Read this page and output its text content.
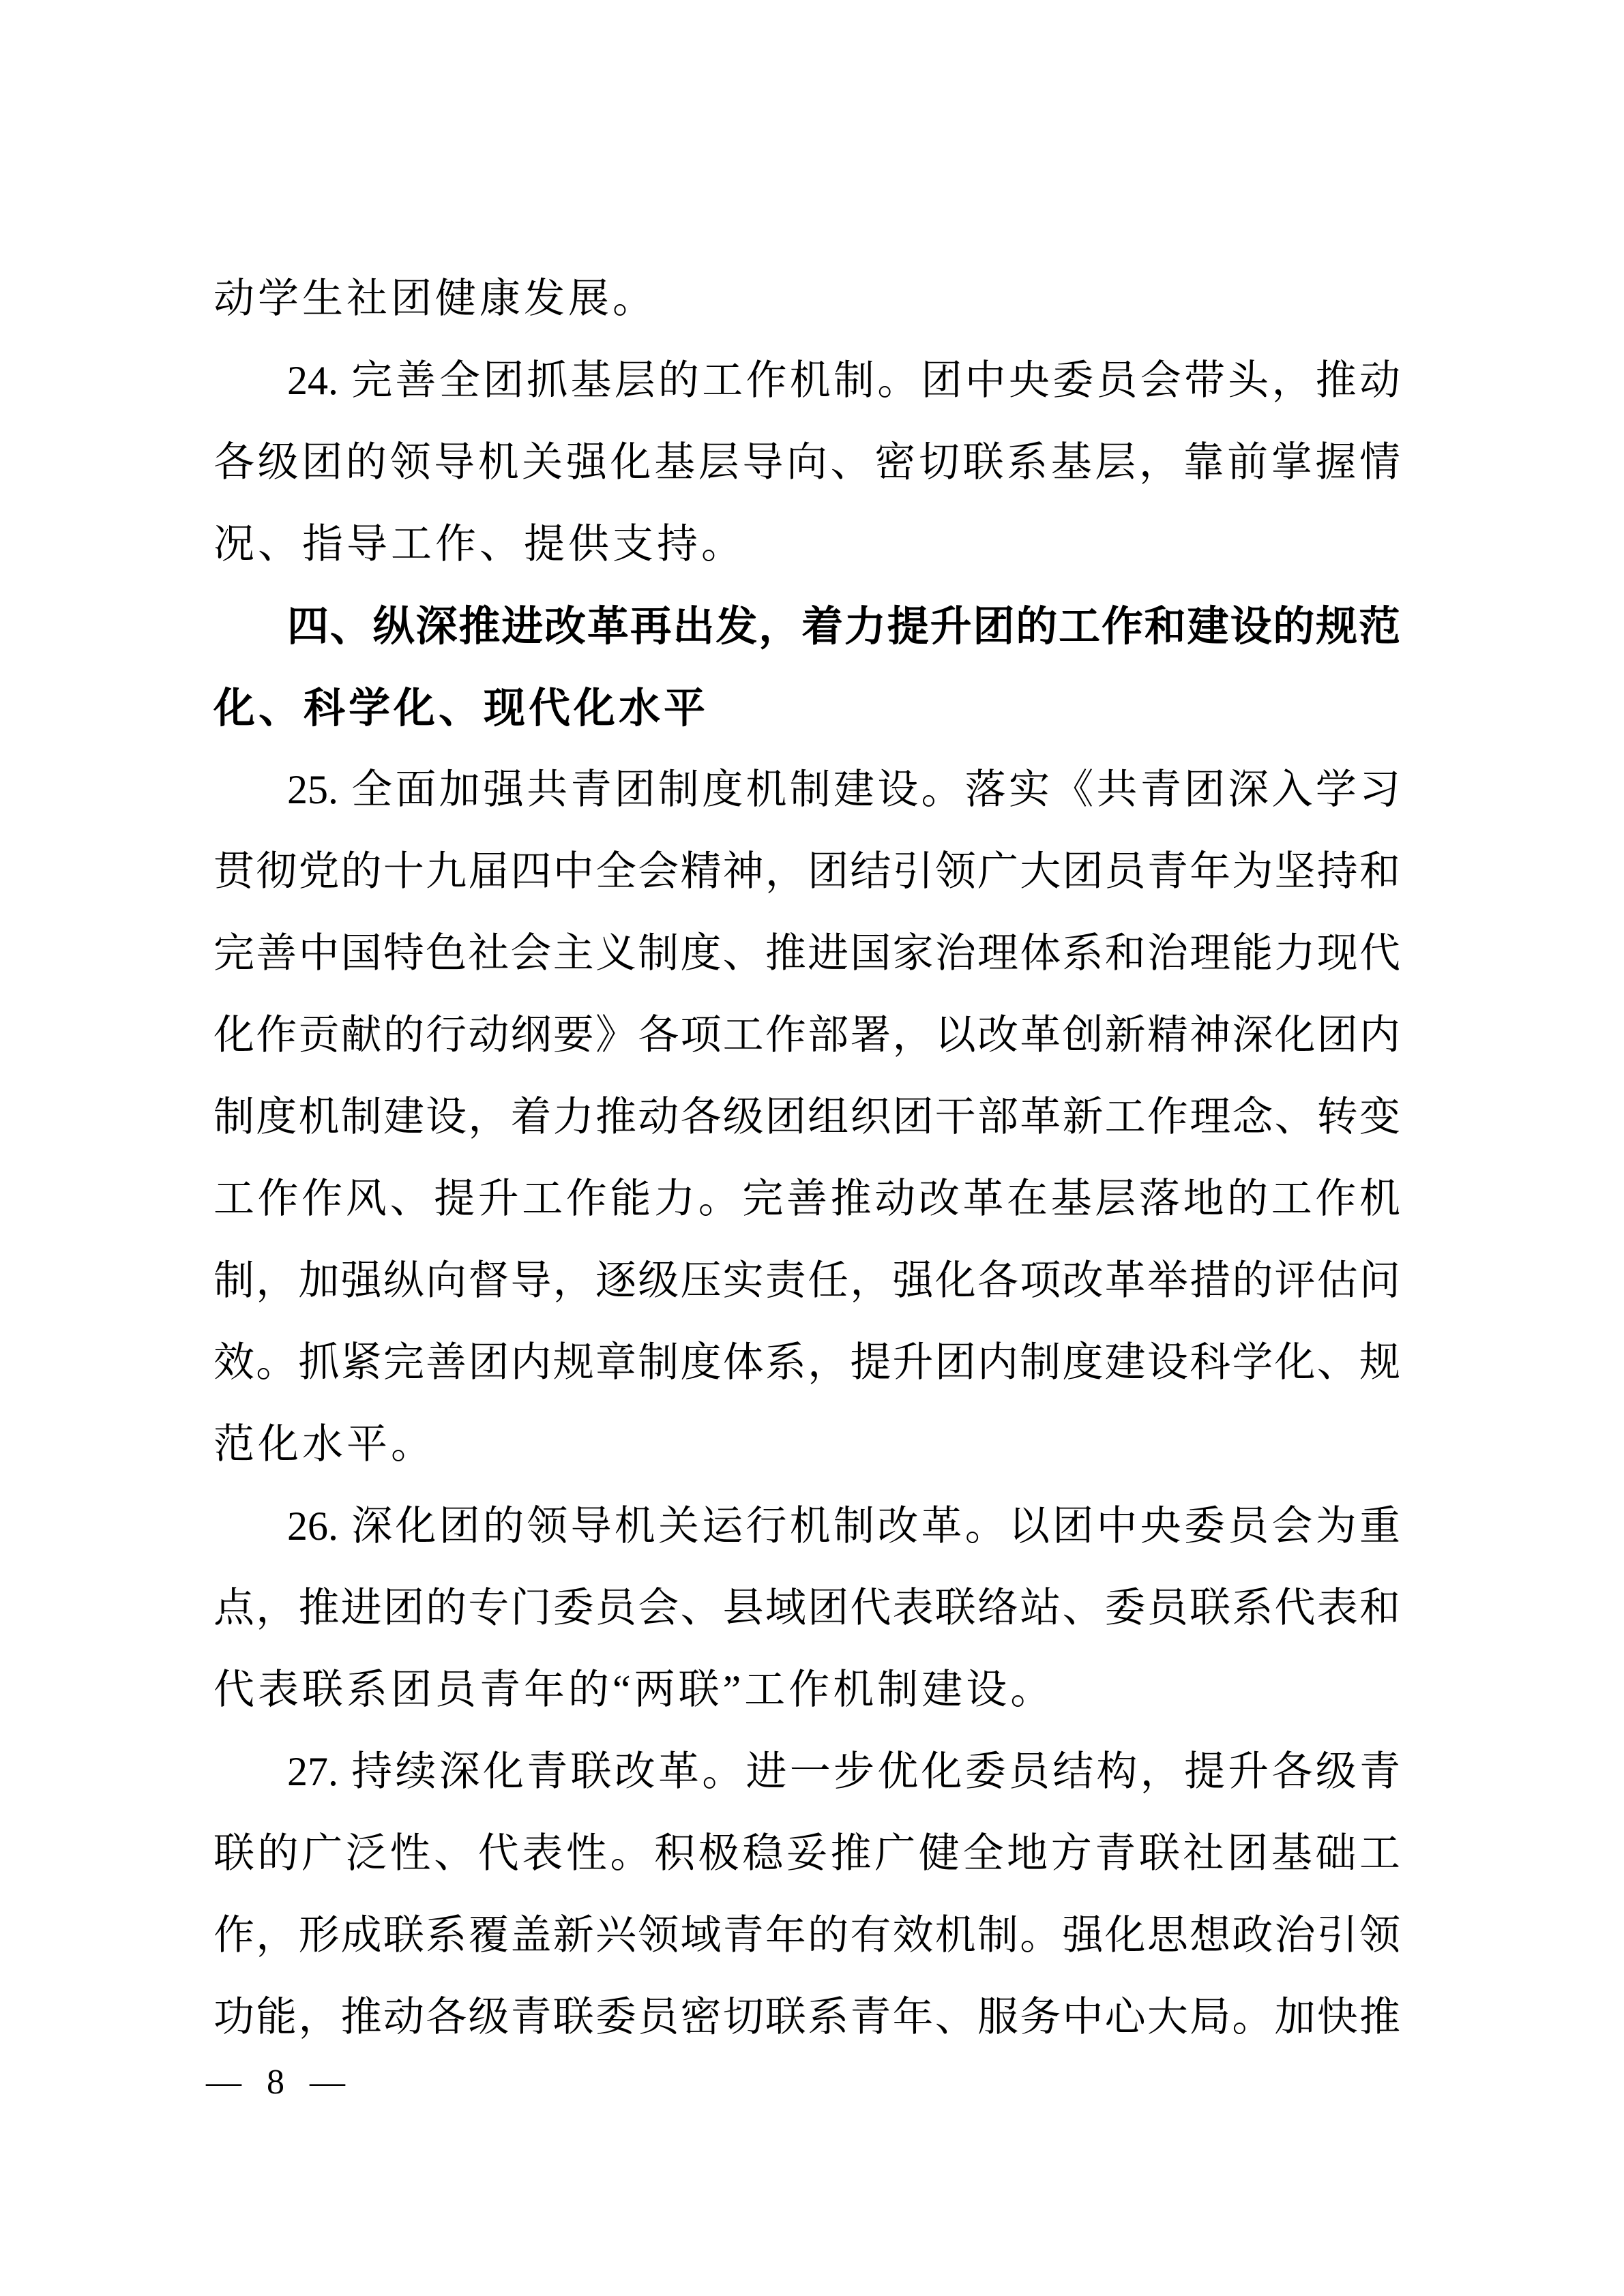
动学生社团健康发展。
24. 完善全团抓基层的工作机制。团中央委员会带头，推动
各级团的领导机关强化基层导向、密切联系基层，靠前掌握情
况、指导工作、提供支持。
四、纵深推进改革再出发，着力提升团的工作和建设的规范
化、科学化、现代化水平
25. 全面加强共青团制度机制建设。落实《共青团深入学习
贯彻党的十九届四中全会精神，团结引领广大团员青年为坚持和
完善中国特色社会主义制度、推进国家治理体系和治理能力现代
化作贡献的行动纲要》各项工作部署，以改革创新精神深化团内
制度机制建设，着力推动各级团组织团干部革新工作理念、转变
工作作风、提升工作能力。完善推动改革在基层落地的工作机
制，加强纵向督导，逐级压实责任，强化各项改革举措的评估问
效。抓紧完善团内规章制度体系，提升团内制度建设科学化、规
范化水平。
26. 深化团的领导机关运行机制改革。以团中央委员会为重
点，推进团的专门委员会、县域团代表联络站、委员联系代表和
代表联系团员青年的“两联”工作机制建设。
27. 持续深化青联改革。进一步优化委员结构，提升各级青
联的广泛性、代表性。积极稳妥推广健全地方青联社团基础工
作，形成联系覆盖新兴领域青年的有效机制。强化思想政治引领
功能，推动各级青联委员密切联系青年、服务中心大局。加快推
— 8 —
